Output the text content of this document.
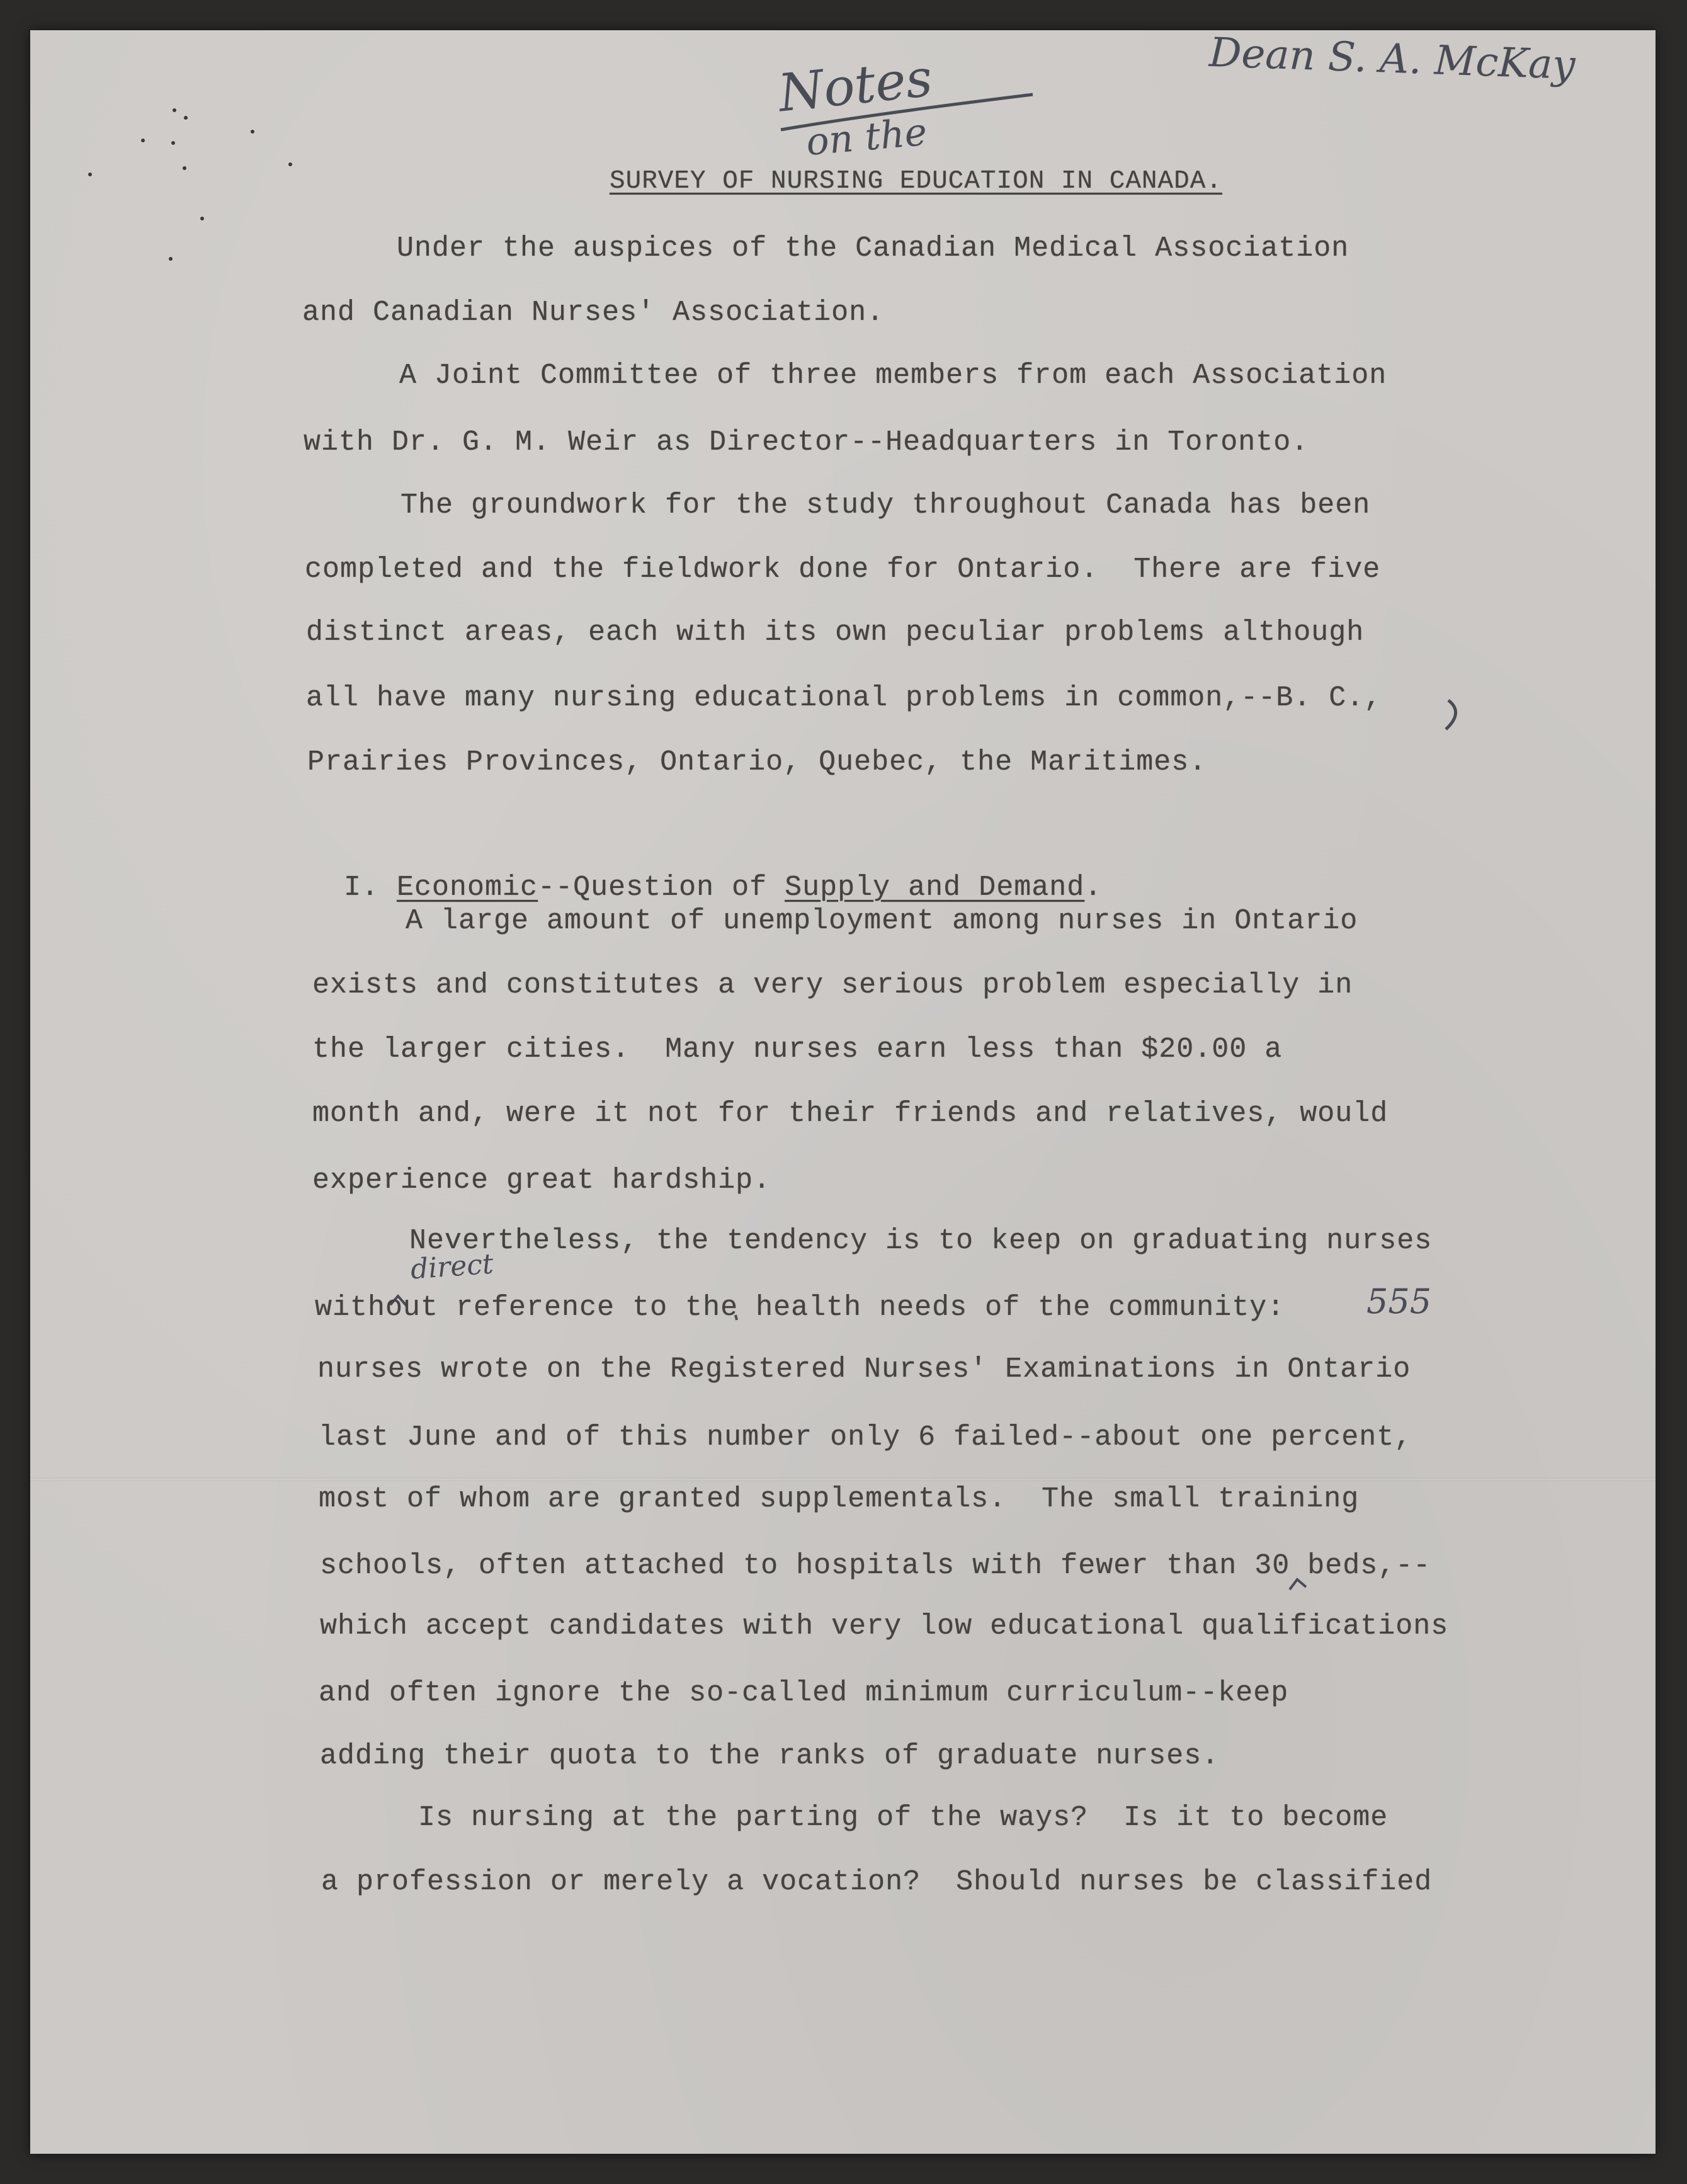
Notes
on the
Dean S. A. McKay
SURVEY OF NURSING EDUCATION IN CANADA.
Under the auspices of the Canadian Medical Association
and Canadian Nurses' Association.
A Joint Committee of three members from each Association
with Dr. G. M. Weir as Director--Headquarters in Toronto.
The groundwork for the study throughout Canada has been
completed and the fieldwork done for Ontario.  There are five
distinct areas, each with its own peculiar problems although
all have many nursing educational problems in common,--B. C.,
Prairies Provinces, Ontario, Quebec, the Maritimes.

I. Economic--Question of Supply and Demand.

A large amount of unemployment among nurses in Ontario
exists and constitutes a very serious problem especially in
the larger cities.  Many nurses earn less than $20.00 a
month and, were it not for their friends and relatives, would
experience great hardship.
Nevertheless, the tendency is to keep on graduating nurses
without reference to the health needs of the community:
nurses wrote on the Registered Nurses' Examinations in Ontario
last June and of this number only 6 failed--about one percent,
most of whom are granted supplementals.  The small training
schools, often attached to hospitals with fewer than 30 beds,--
which accept candidates with very low educational qualifications
and often ignore the so-called minimum curriculum--keep
adding their quota to the ranks of graduate nurses.
Is nursing at the parting of the ways?  Is it to become
a profession or merely a vocation?  Should nurses be classified
direct
555
